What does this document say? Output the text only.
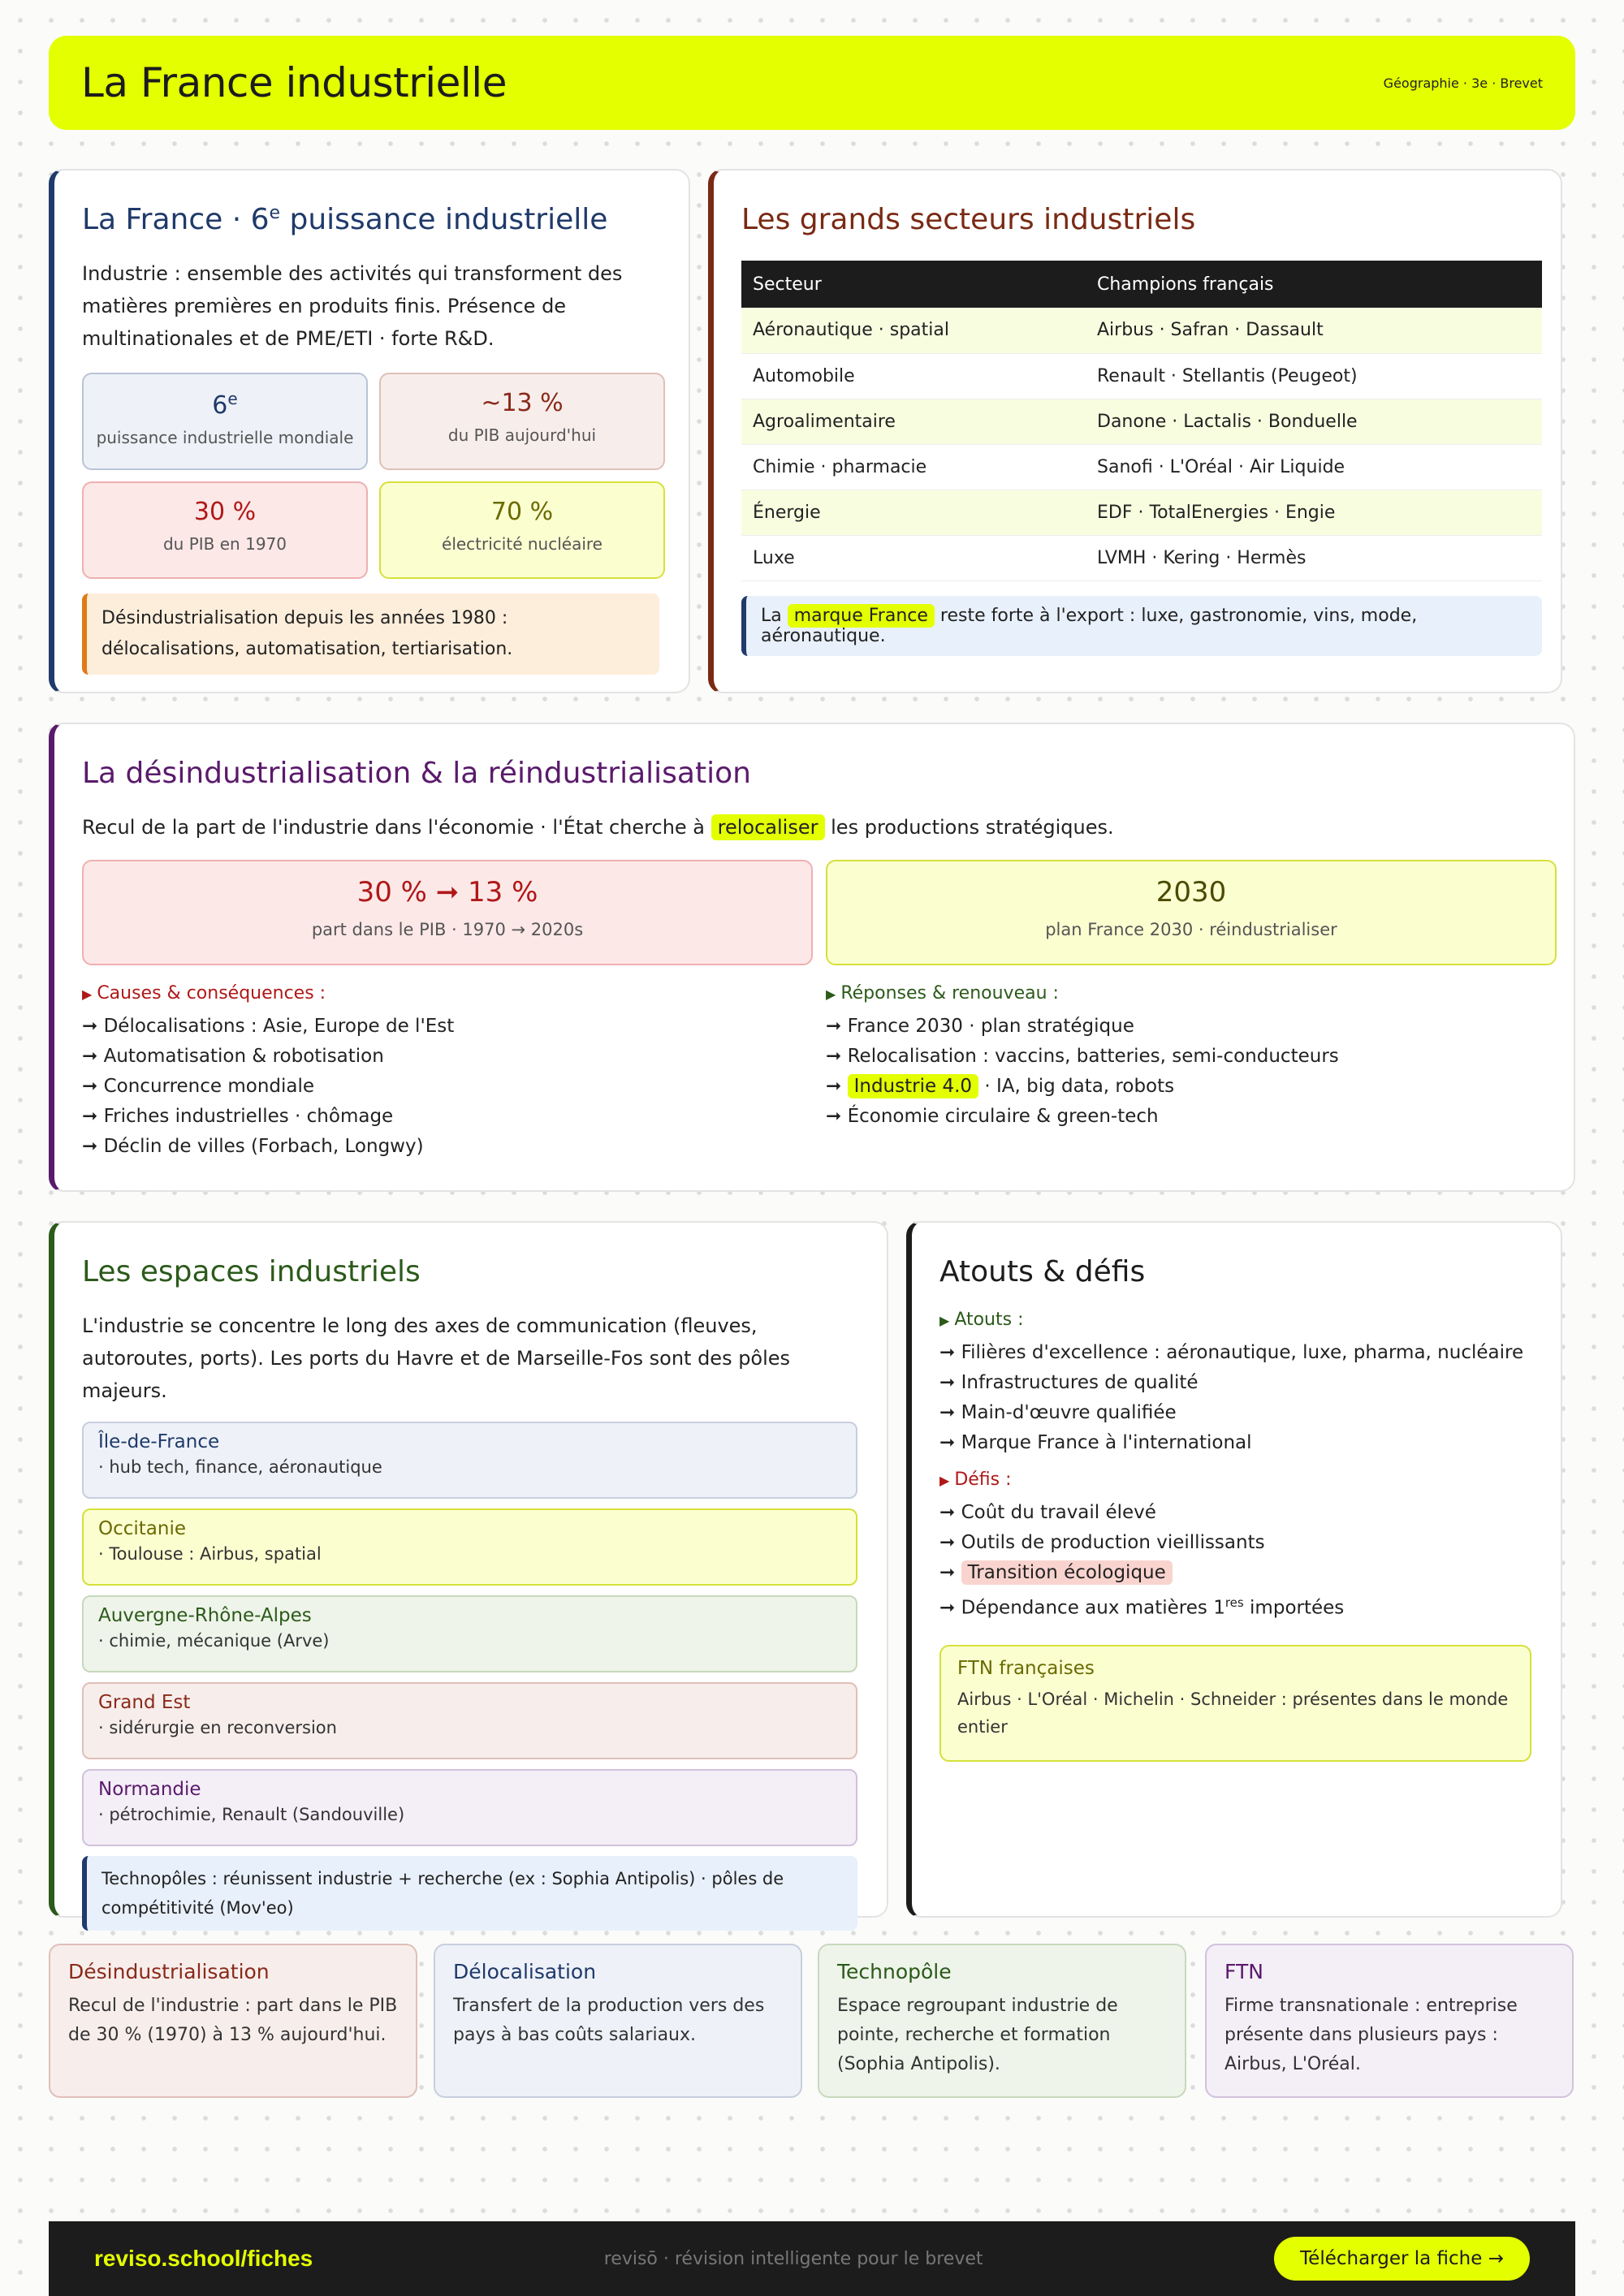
La France industrielle	Géographie · 3e · Brevet
La France · $6^e$ puissance industrielle

Industrie : ensemble des activités qui transforment des matières premières en produits finis. Présence de multinationales et de PME/ETI · forte R&D.

6e
puissance industrielle mondiale
~13 %
du PIB aujourd'hui
30 %
du PIB en 1970
70 %
électricité nucléaire
Désindustrialisation depuis les années 1980 : délocalisations, automatisation, tertiarisation.
Les grands secteurs industriels
Secteur	Champions français
Aéronautique · spatial	Airbus · Safran · Dassault
Automobile	Renault · Stellantis (Peugeot)
Agroalimentaire	Danone · Lactalis · Bonduelle
Chimie · pharmacie	Sanofi · L'Oréal · Air Liquide
Énergie	EDF · TotalEnergies · Engie
Luxe	LVMH · Kering · Hermès
La marque France reste forte à l'export : luxe, gastronomie, vins, mode, aéronautique.
La désindustrialisation & la réindustrialisation

Recul de la part de l'industrie dans l'économie · l'État cherche à relocaliser les productions stratégiques.

30 % ➞ 13 %
part dans le PIB · 1970 → 2020s
2030
plan France 2030 · réindustrialiser
▶ Causes & conséquences :
➞ Délocalisations : Asie, Europe de l'Est
➞ Automatisation & robotisation
➞ Concurrence mondiale
➞ Friches industrielles · chômage
➞ Déclin de villes (Forbach, Longwy)
▶ Réponses & renouveau :
➞ France 2030 · plan stratégique
➞ Relocalisation : vaccins, batteries, semi-conducteurs
➞ Industrie 4.0 · IA, big data, robots
➞ Économie circulaire & green-tech
Les espaces industriels

L'industrie se concentre le long des axes de communication (fleuves, autoroutes, ports). Les ports du Havre et de Marseille-Fos sont des pôles majeurs.

Île-de-France
· hub tech, finance, aéronautique
Occitanie
· Toulouse : Airbus, spatial
Auvergne-Rhône-Alpes
· chimie, mécanique (Arve)
Grand Est
· sidérurgie en reconversion
Normandie
· pétrochimie, Renault (Sandouville)
Technopôles : réunissent industrie + recherche (ex : Sophia Antipolis) · pôles de compétitivité (Mov'eo)
Atouts & défis
▶ Atouts :
➞ Filières d'excellence : aéronautique, luxe, pharma, nucléaire
➞ Infrastructures de qualité
➞ Main-d'œuvre qualifiée
➞ Marque France à l'international
▶ Défis :
➞ Coût du travail élevé
➞ Outils de production vieillissants
➞ Transition écologique
➞ Dépendance aux matières 1res importées
FTN françaises
Airbus · L'Oréal · Michelin · Schneider : présentes dans le monde entier
Désindustrialisation
Recul de l'industrie : part dans le PIB de 30 % (1970) à 13 % aujourd'hui.
Délocalisation
Transfert de la production vers des pays à bas coûts salariaux.
Technopôle
Espace regroupant industrie de pointe, recherche et formation (Sophia Antipolis).
FTN
Firme transnationale : entreprise présente dans plusieurs pays : Airbus, L'Oréal.
reviso.school/fiches	revisō · révision intelligente pour le brevet	Télécharger la fiche →
